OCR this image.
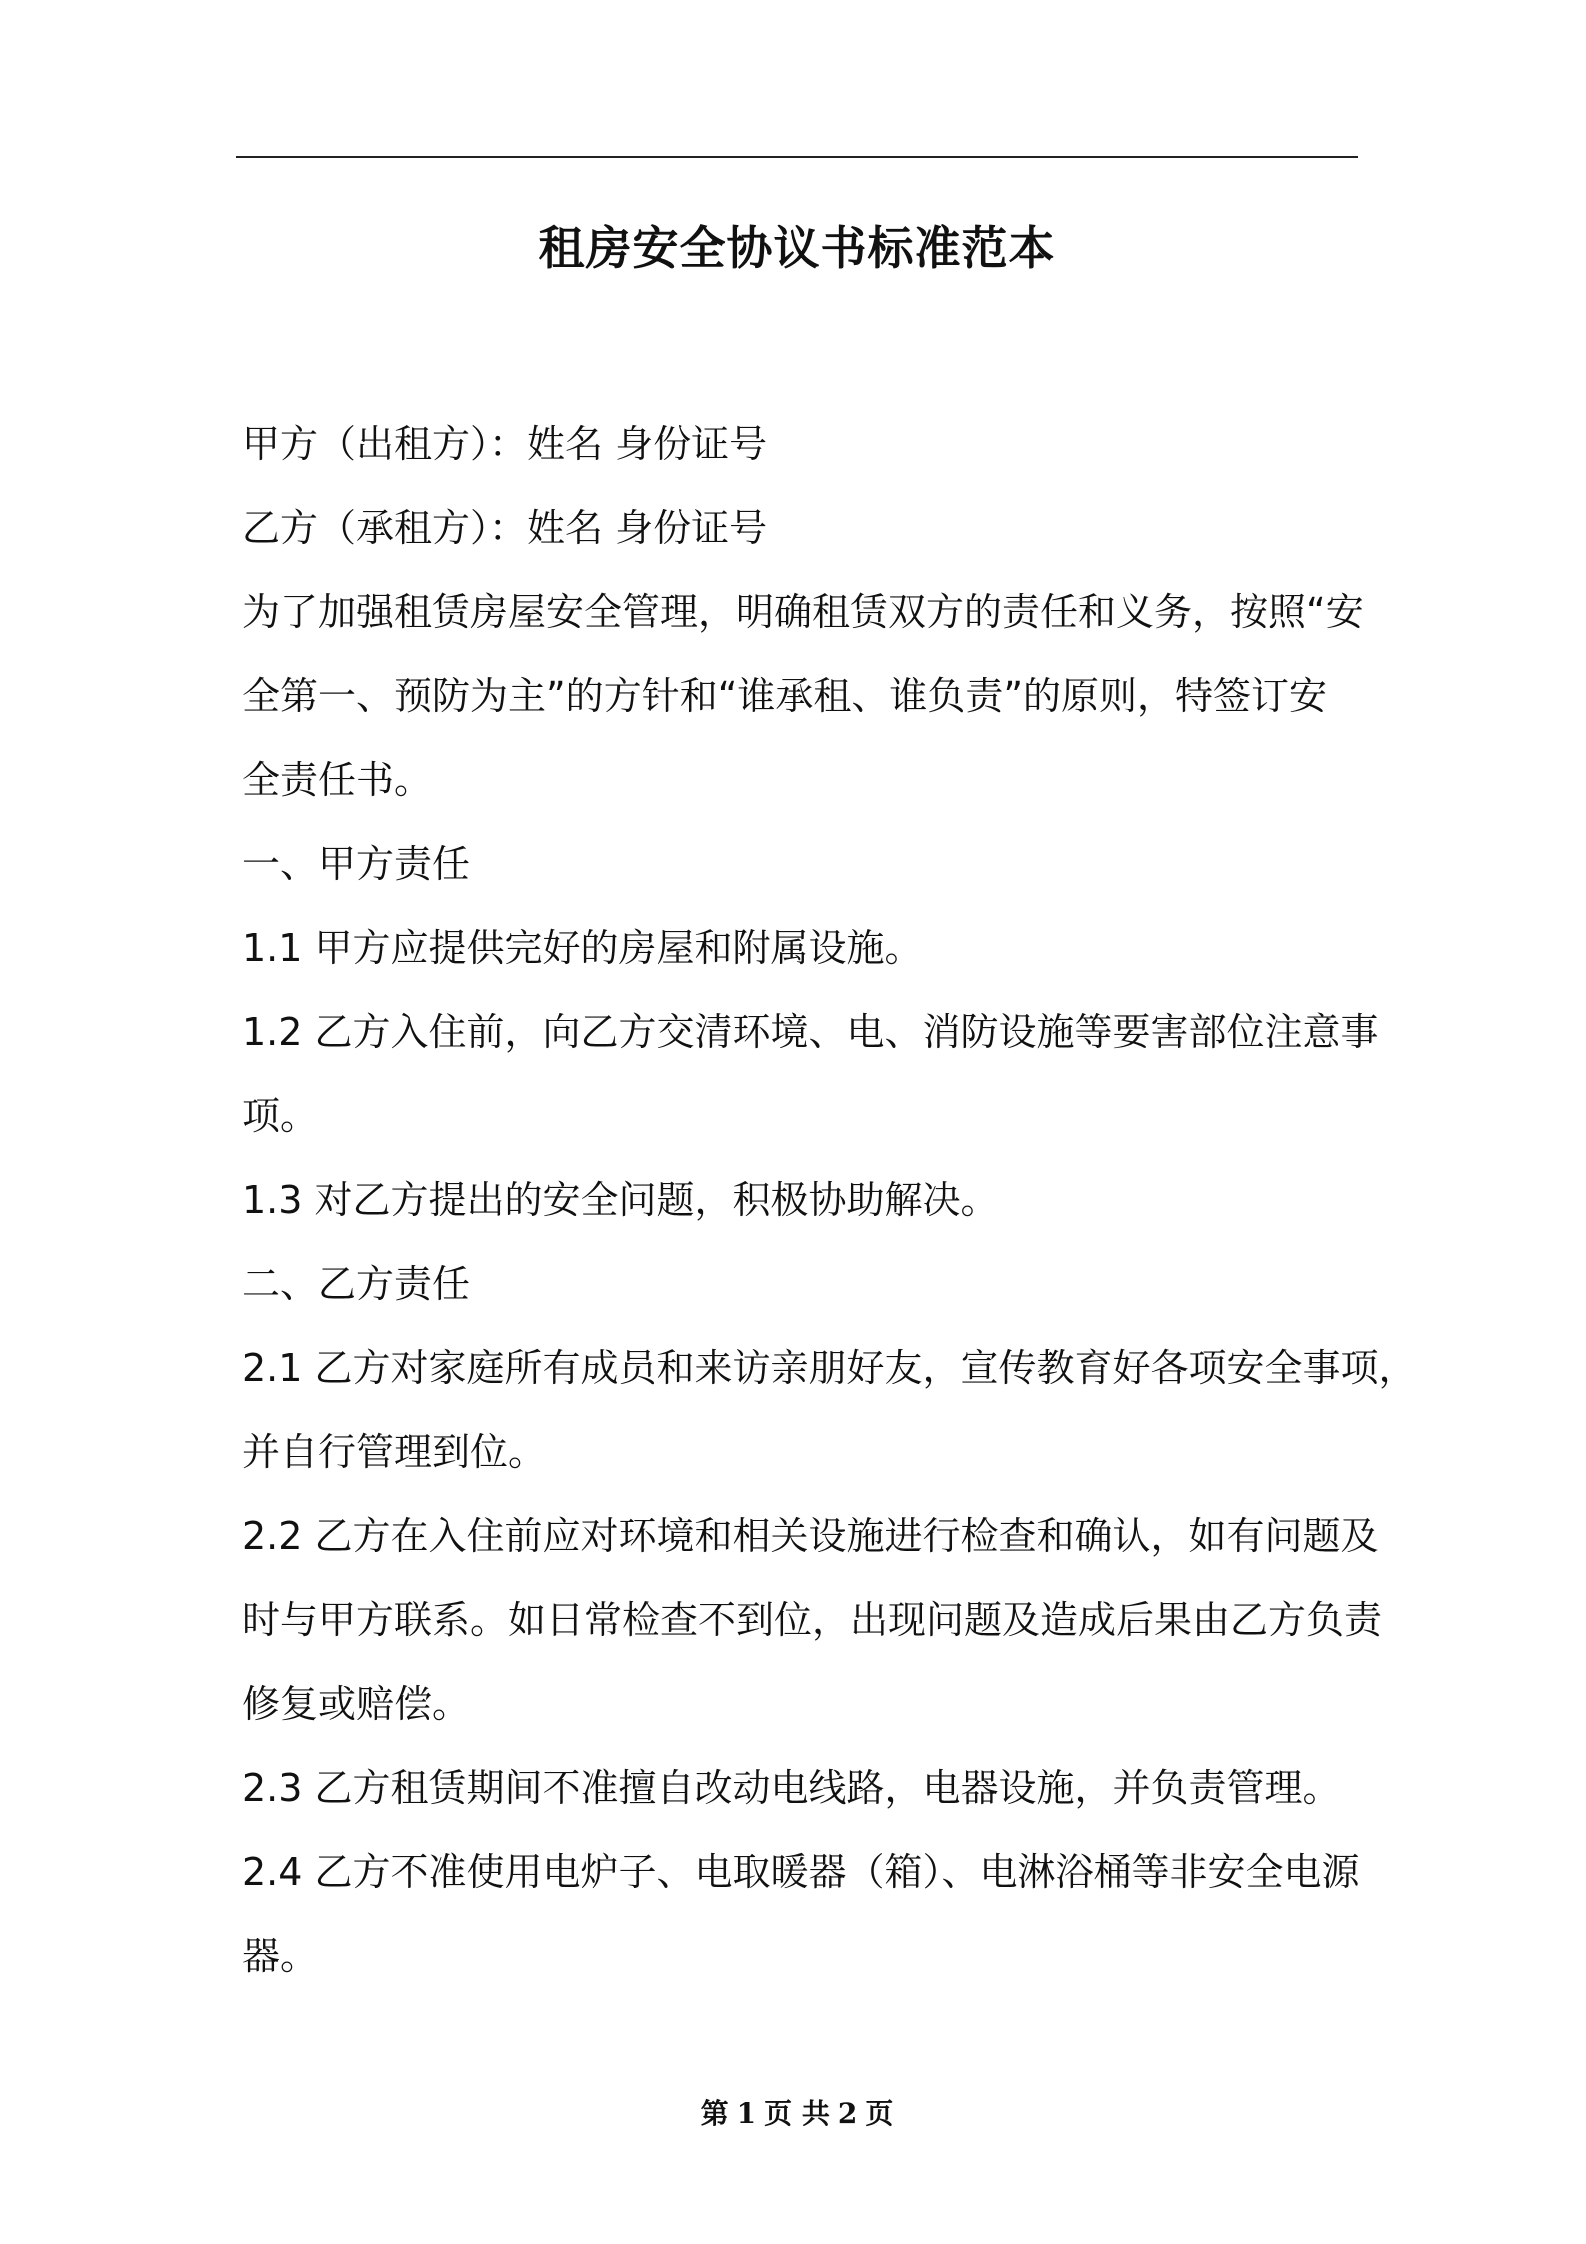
租房安全协议书标准范本
甲方（出租方）：姓名 身份证号
乙方（承租方）：姓名 身份证号
为了加强租赁房屋安全管理，明确租赁双方的责任和义务，按照“安
全第一、预防为主”的方针和“谁承租、谁负责”的原则，特签订安
全责任书。
一、甲方责任
1.1 甲方应提供完好的房屋和附属设施。
1.2 乙方入住前，向乙方交清环境、电、消防设施等要害部位注意事
项。
1.3 对乙方提出的安全问题，积极协助解决。
二、乙方责任
2.1 乙方对家庭所有成员和来访亲朋好友，宣传教育好各项安全事项，
并自行管理到位。
2.2 乙方在入住前应对环境和相关设施进行检查和确认，如有问题及
时与甲方联系。如日常检查不到位，出现问题及造成后果由乙方负责
修复或赔偿。
2.3 乙方租赁期间不准擅自改动电线路，电器设施，并负责管理。
2.4 乙方不准使用电炉子、电取暖器（箱）、电淋浴桶等非安全电源
器。
第 1 页 共 2 页
